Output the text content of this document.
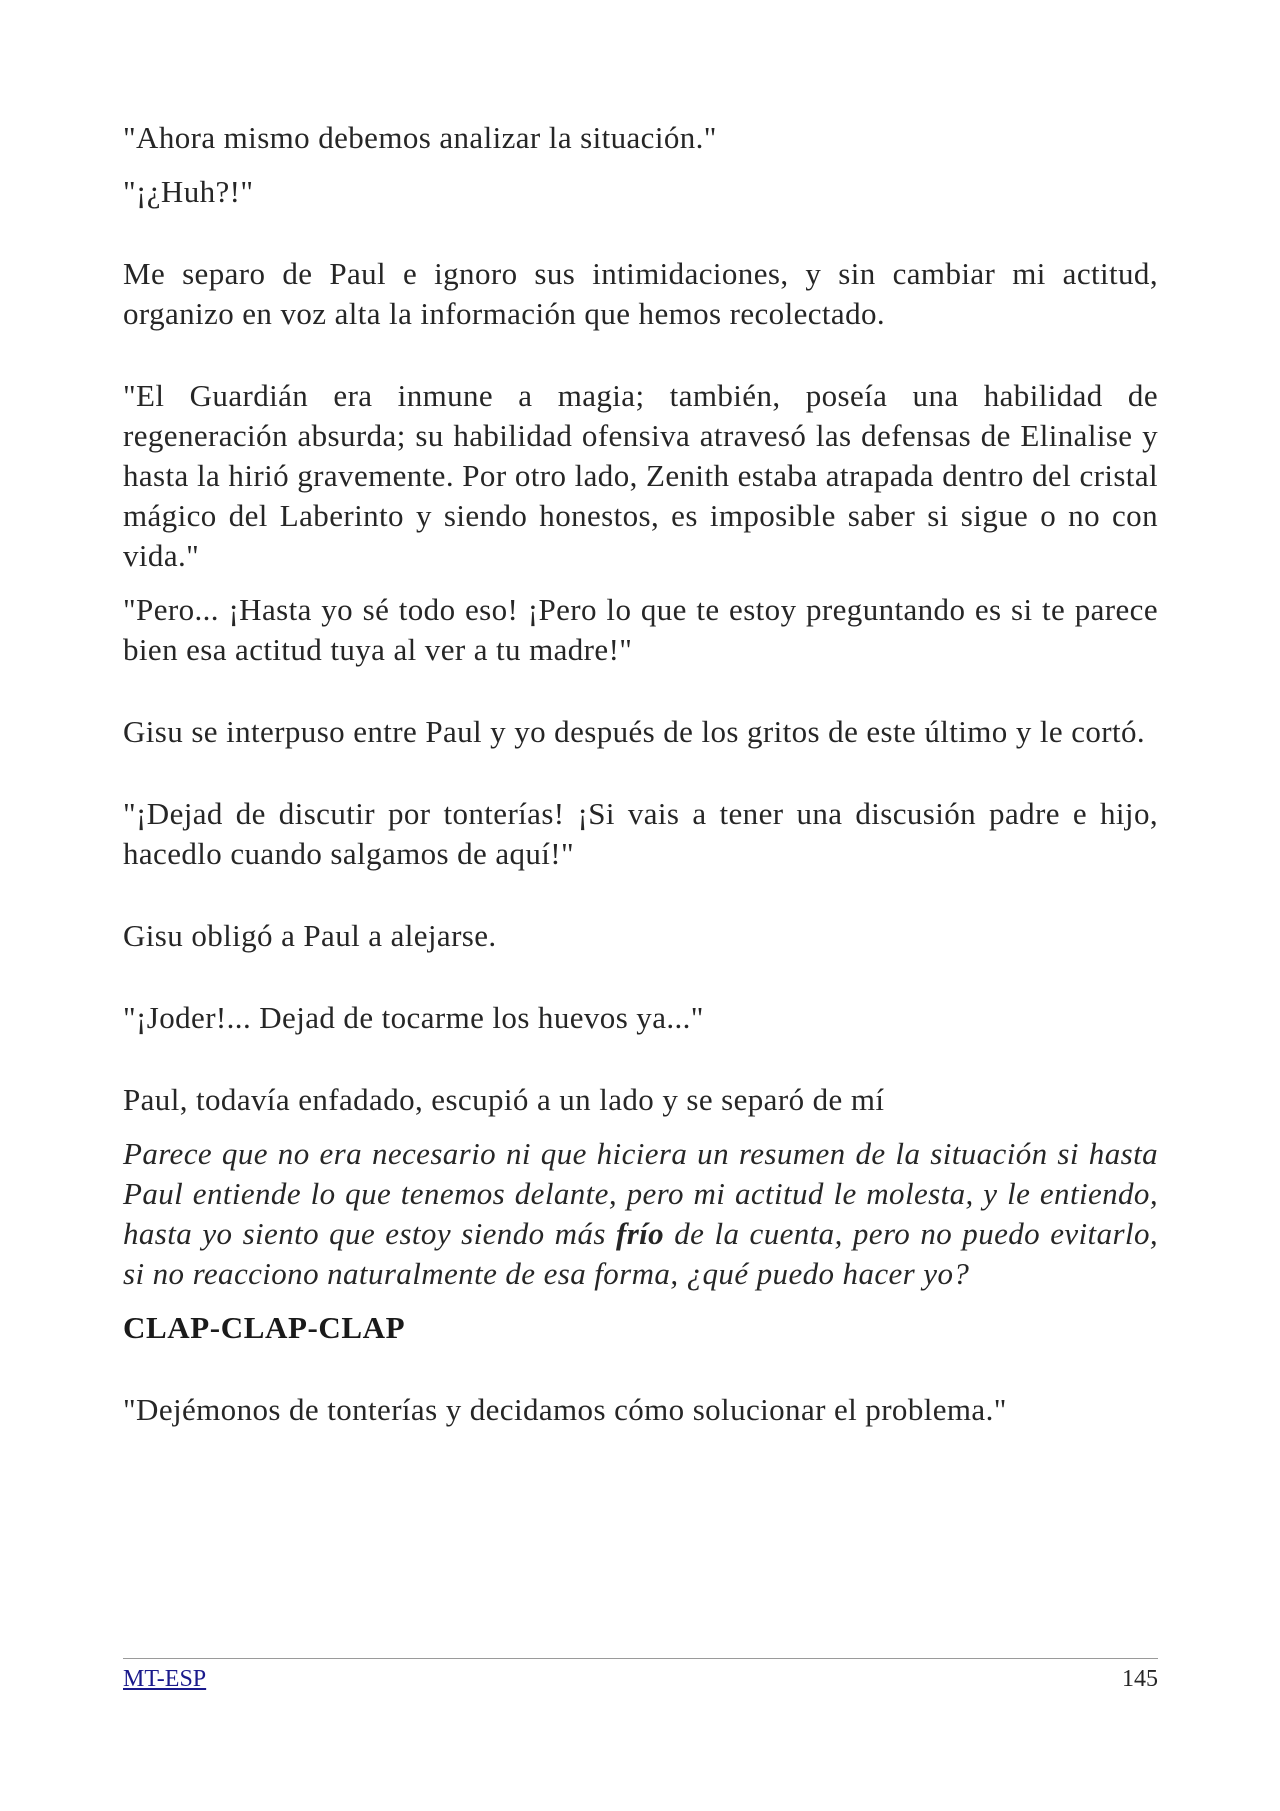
"Ahora mismo debemos analizar la situación."

"¡¿Huh?!"

Me separo de Paul e ignoro sus intimidaciones, y sin cambiar mi actitud, organizo en voz alta la información que hemos recolectado.

"El Guardián era inmune a magia; también, poseía una habilidad de regeneración absurda; su habilidad ofensiva atravesó las defensas de Elinalise y hasta la hirió gravemente. Por otro lado, Zenith estaba atrapada dentro del cristal mágico del Laberinto y siendo honestos, es imposible saber si sigue o no con vida."

"Pero... ¡Hasta yo sé todo eso! ¡Pero lo que te estoy preguntando es si te parece bien esa actitud tuya al ver a tu madre!"

Gisu se interpuso entre Paul y yo después de los gritos de este último y le cortó.

"¡Dejad de discutir por tonterías! ¡Si vais a tener una discusión padre e hijo, hacedlo cuando salgamos de aquí!"

Gisu obligó a Paul a alejarse.

"¡Joder!... Dejad de tocarme los huevos ya..."

Paul, todavía enfadado, escupió a un lado y se separó de mí

Parece que no era necesario ni que hiciera un resumen de la situación si hasta Paul entiende lo que tenemos delante, pero mi actitud le molesta, y le entiendo, hasta yo siento que estoy siendo más frío de la cuenta, pero no puedo evitarlo, si no reacciono naturalmente de esa forma, ¿qué puedo hacer yo?

CLAP-CLAP-CLAP

"Dejémonos de tonterías y decidamos cómo solucionar el problema."

MT-ESP	145
